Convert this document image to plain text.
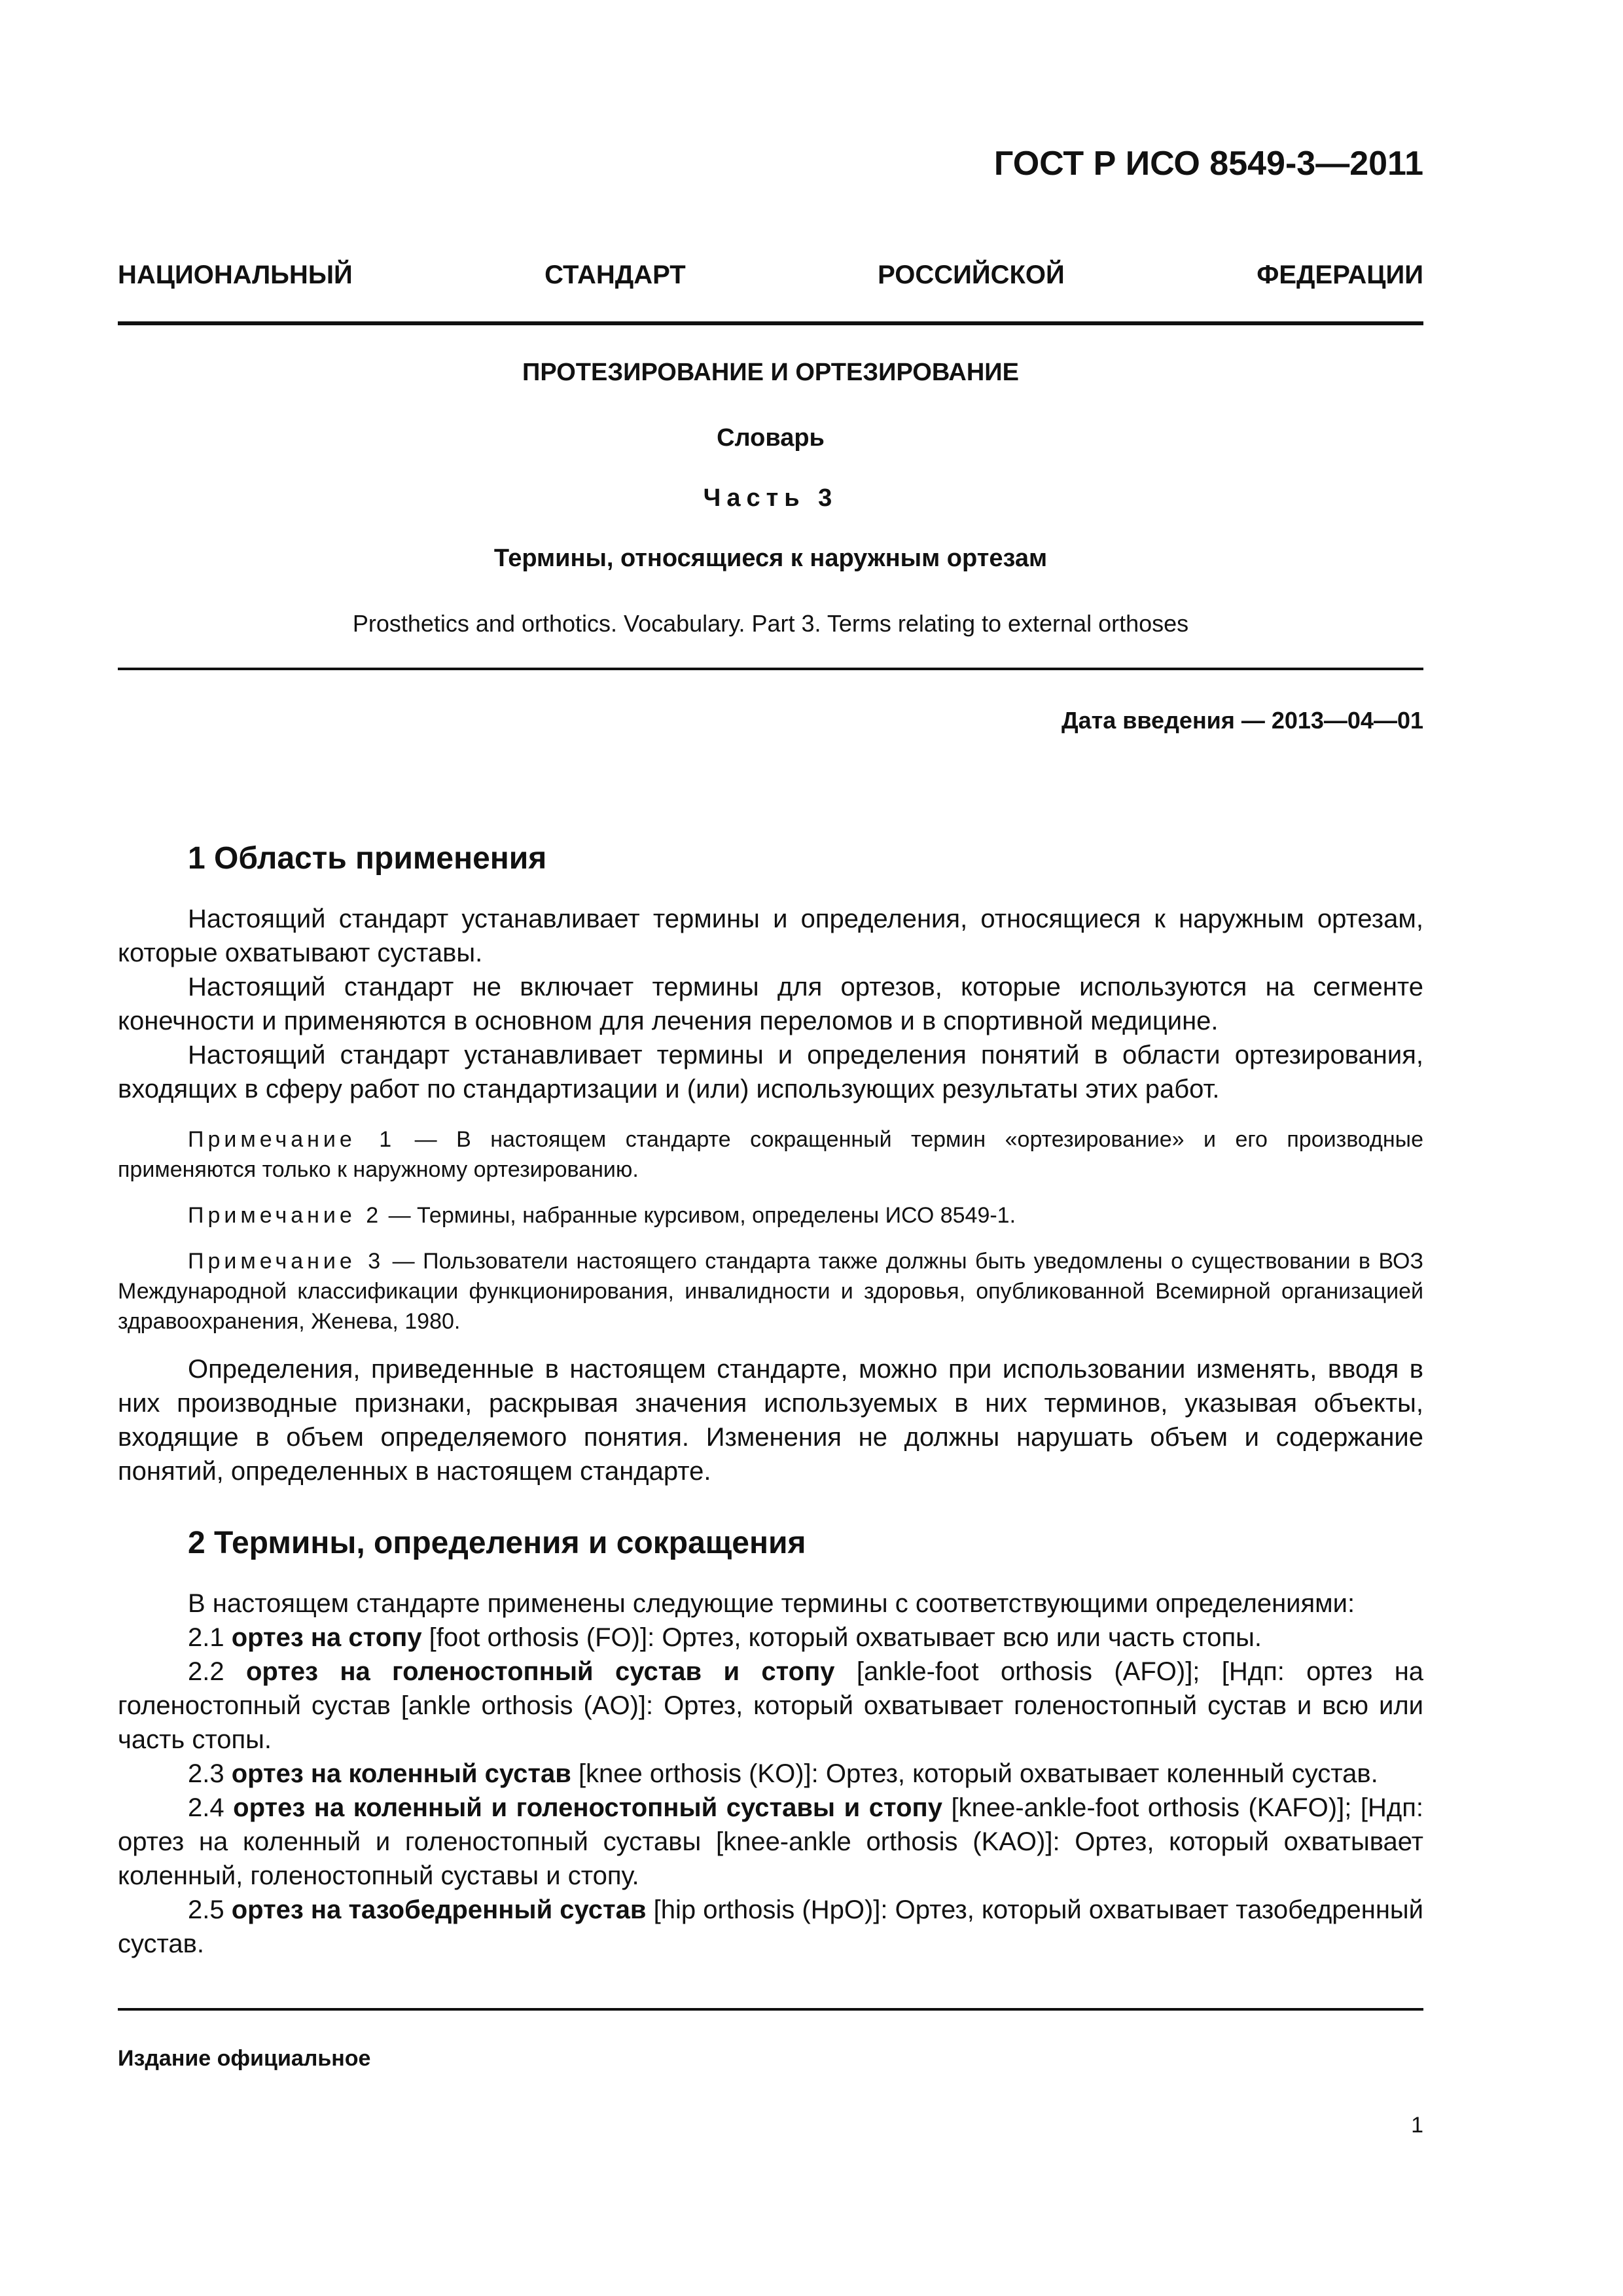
ГОСТ Р ИСО 8549-3—2011
НАЦИОНАЛЬНЫЙ	СТАНДАРТ	РОССИЙСКОЙ	ФЕДЕРАЦИИ
ПРОТЕЗИРОВАНИЕ И ОРТЕЗИРОВАНИЕ
Словарь
Часть 3
Термины, относящиеся к наружным ортезам
Prosthetics and orthotics. Vocabulary. Part 3. Terms relating to external orthoses
Дата введения — 2013—04—01
1 Область применения

Настоящий стандарт устанавливает термины и определения, относящиеся к наружным ортезам, которые охватывают суставы.

Настоящий стандарт не включает термины для ортезов, которые используются на сегменте конечности и применяются в основном для лечения переломов и в спортивной медицине.

Настоящий стандарт устанавливает термины и определения понятий в области ортезирования, входящих в сферу работ по стандартизации и (или) использующих результаты этих работ.

Примечание 1 — В настоящем стандарте сокращенный термин «ортезирование» и его производные применяются только к наружному ортезированию.

Примечание 2 — Термины, набранные курсивом, определены ИСО 8549-1.

Примечание 3 — Пользователи настоящего стандарта также должны быть уведомлены о существовании в ВОЗ Международной классификации функционирования, инвалидности и здоровья, опубликованной Всемирной организацией здравоохранения, Женева, 1980.

Определения, приведенные в настоящем стандарте, можно при использовании изменять, вводя в них производные признаки, раскрывая значения используемых в них терминов, указывая объекты, входящие в объем определяемого понятия. Изменения не должны нарушать объем и содержание понятий, определенных в настоящем стандарте.

2 Термины, определения и сокращения

В настоящем стандарте применены следующие термины с соответствующими определениями:

2.1 ортез на стопу [foot orthosis (FO)]: Ортез, который охватывает всю или часть стопы.

2.2 ортез на голеностопный сустав и стопу [ankle-foot orthosis (AFO)]; [Ндп: ортез на голеностопный сустав [ankle orthosis (AO)]: Ортез, который охватывает голеностопный сустав и всю или часть стопы.

2.3 ортез на коленный сустав [knee orthosis (KO)]: Ортез, который охватывает коленный сустав.

2.4 ортез на коленный и голеностопный суставы и стопу [knee-ankle-foot orthosis (KAFO)]; [Ндп: ортез на коленный и голеностопный суставы [knee-ankle orthosis (KAO)]: Ортез, который охватывает коленный, голеностопный суставы и стопу.

2.5 ортез на тазобедренный сустав [hip orthosis (HpO)]: Ортез, который охватывает тазобедренный сустав.

Издание официальное
1
